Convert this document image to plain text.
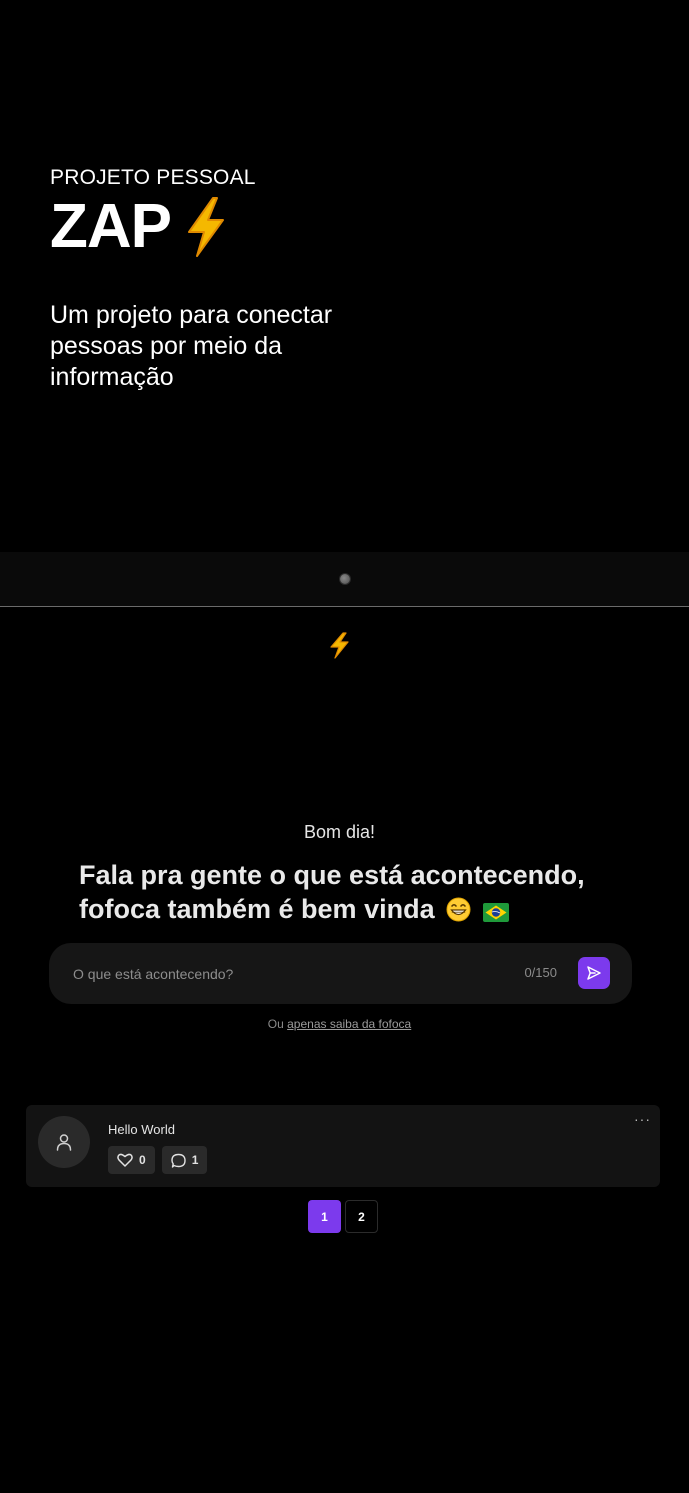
PROJETO PESSOAL
ZAP
Um projeto para conectar pessoas por meio da informação
Bom dia!
Fala pra gente o que está acontecendo, fofoca também é bem vinda
O que está acontecendo?
0/150
Ou apenas saiba da fofoca
Hello World
···
0	1
1	2
